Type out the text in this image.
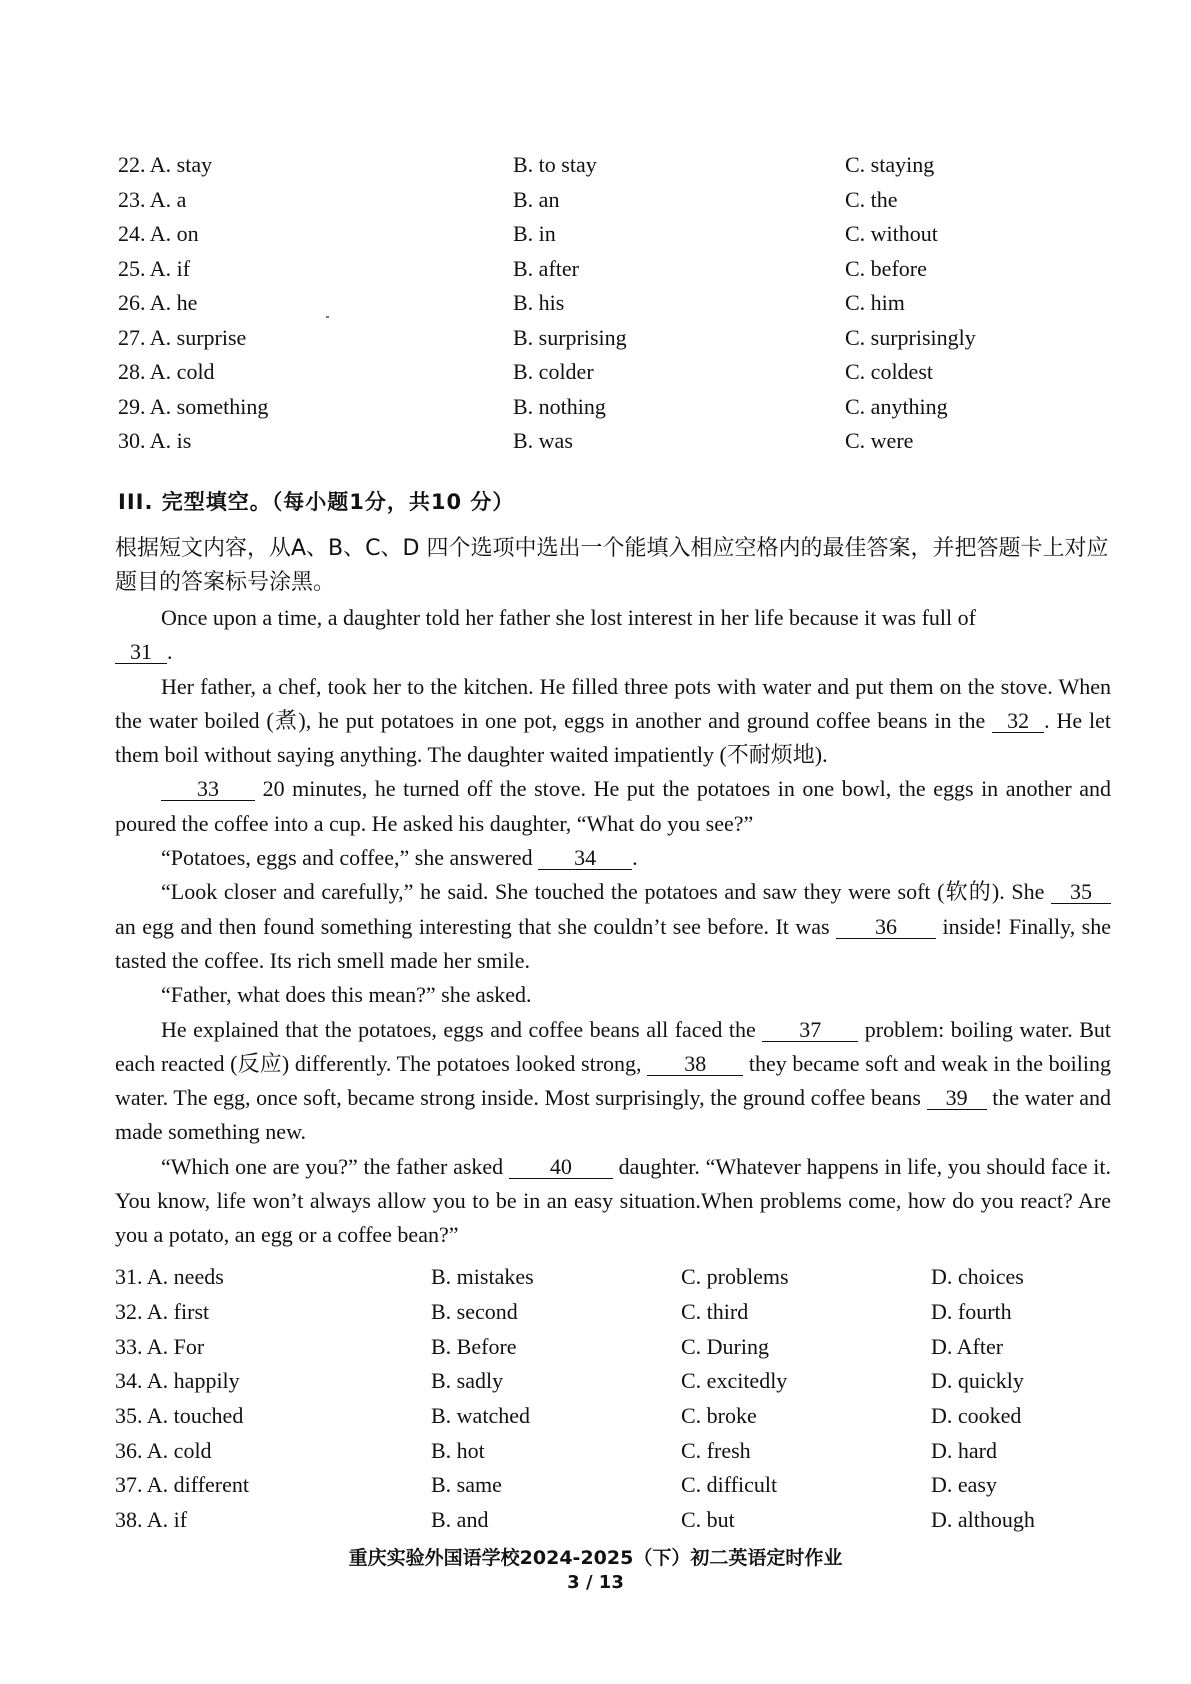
22. A. stay	B. to stay	C. staying
23. A. a	B. an	C. the
24. A. on	B. in	C. without
25. A. if	B. after	C. before
26. A. he	B. his	C. him
27. A. surprise	B. surprising	C. surprisingly
28. A. cold	B. colder	C. coldest
29. A. something	B. nothing	C. anything
30. A. is	B. was	C. were
III. 完型填空。（每小题1分，共10 分）
根据短文内容，从A、B、C、D 四个选项中选出一个能填入相应空格内的最佳答案，并把答题卡上对应题目的答案标号涂黑。

Once upon a time, a daughter told her father she lost interest in her life because it was full of
31 .

Her father, a chef, took her to the kitchen. He filled three pots with water and put them on the stove. When the water boiled (煮), he put potatoes in one pot, eggs in another and ground coffee beans in the 32 . He let them boil without saying anything. The daughter waited impatiently (不耐烦地).

33 20 minutes, he turned off the stove. He put the potatoes in one bowl, the eggs in another and poured the coffee into a cup. He asked his daughter, “What do you see?”

“Potatoes, eggs and coffee,” she answered 34 .

“Look closer and carefully,” he said. She touched the potatoes and saw they were soft (软的). She 35 an egg and then found something interesting that she couldn’t see before. It was 36 inside! Finally, she tasted the coffee. Its rich smell made her smile.

“Father, what does this mean?” she asked.

He explained that the potatoes, eggs and coffee beans all faced the 37 problem: boiling water. But each reacted (反应) differently. The potatoes looked strong, 38 they became soft and weak in the boiling water. The egg, once soft, became strong inside. Most surprisingly, the ground coffee beans 39 the water and made something new.

“Which one are you?” the father asked 40 daughter. “Whatever happens in life, you should face it. You know, life won’t always allow you to be in an easy situation.When problems come, how do you react? Are you a potato, an egg or a coffee bean?”

31. A. needs	B. mistakes	C. problems	D. choices
32. A. first	B. second	C. third	D. fourth
33. A. For	B. Before	C. During	D. After
34. A. happily	B. sadly	C. excitedly	D. quickly
35. A. touched	B. watched	C. broke	D. cooked
36. A. cold	B. hot	C. fresh	D. hard
37. A. different	B. same	C. difficult	D. easy
38. A. if	B. and	C. but	D. although
重庆实验外国语学校2024-2025（下）初二英语定时作业
3 / 13
